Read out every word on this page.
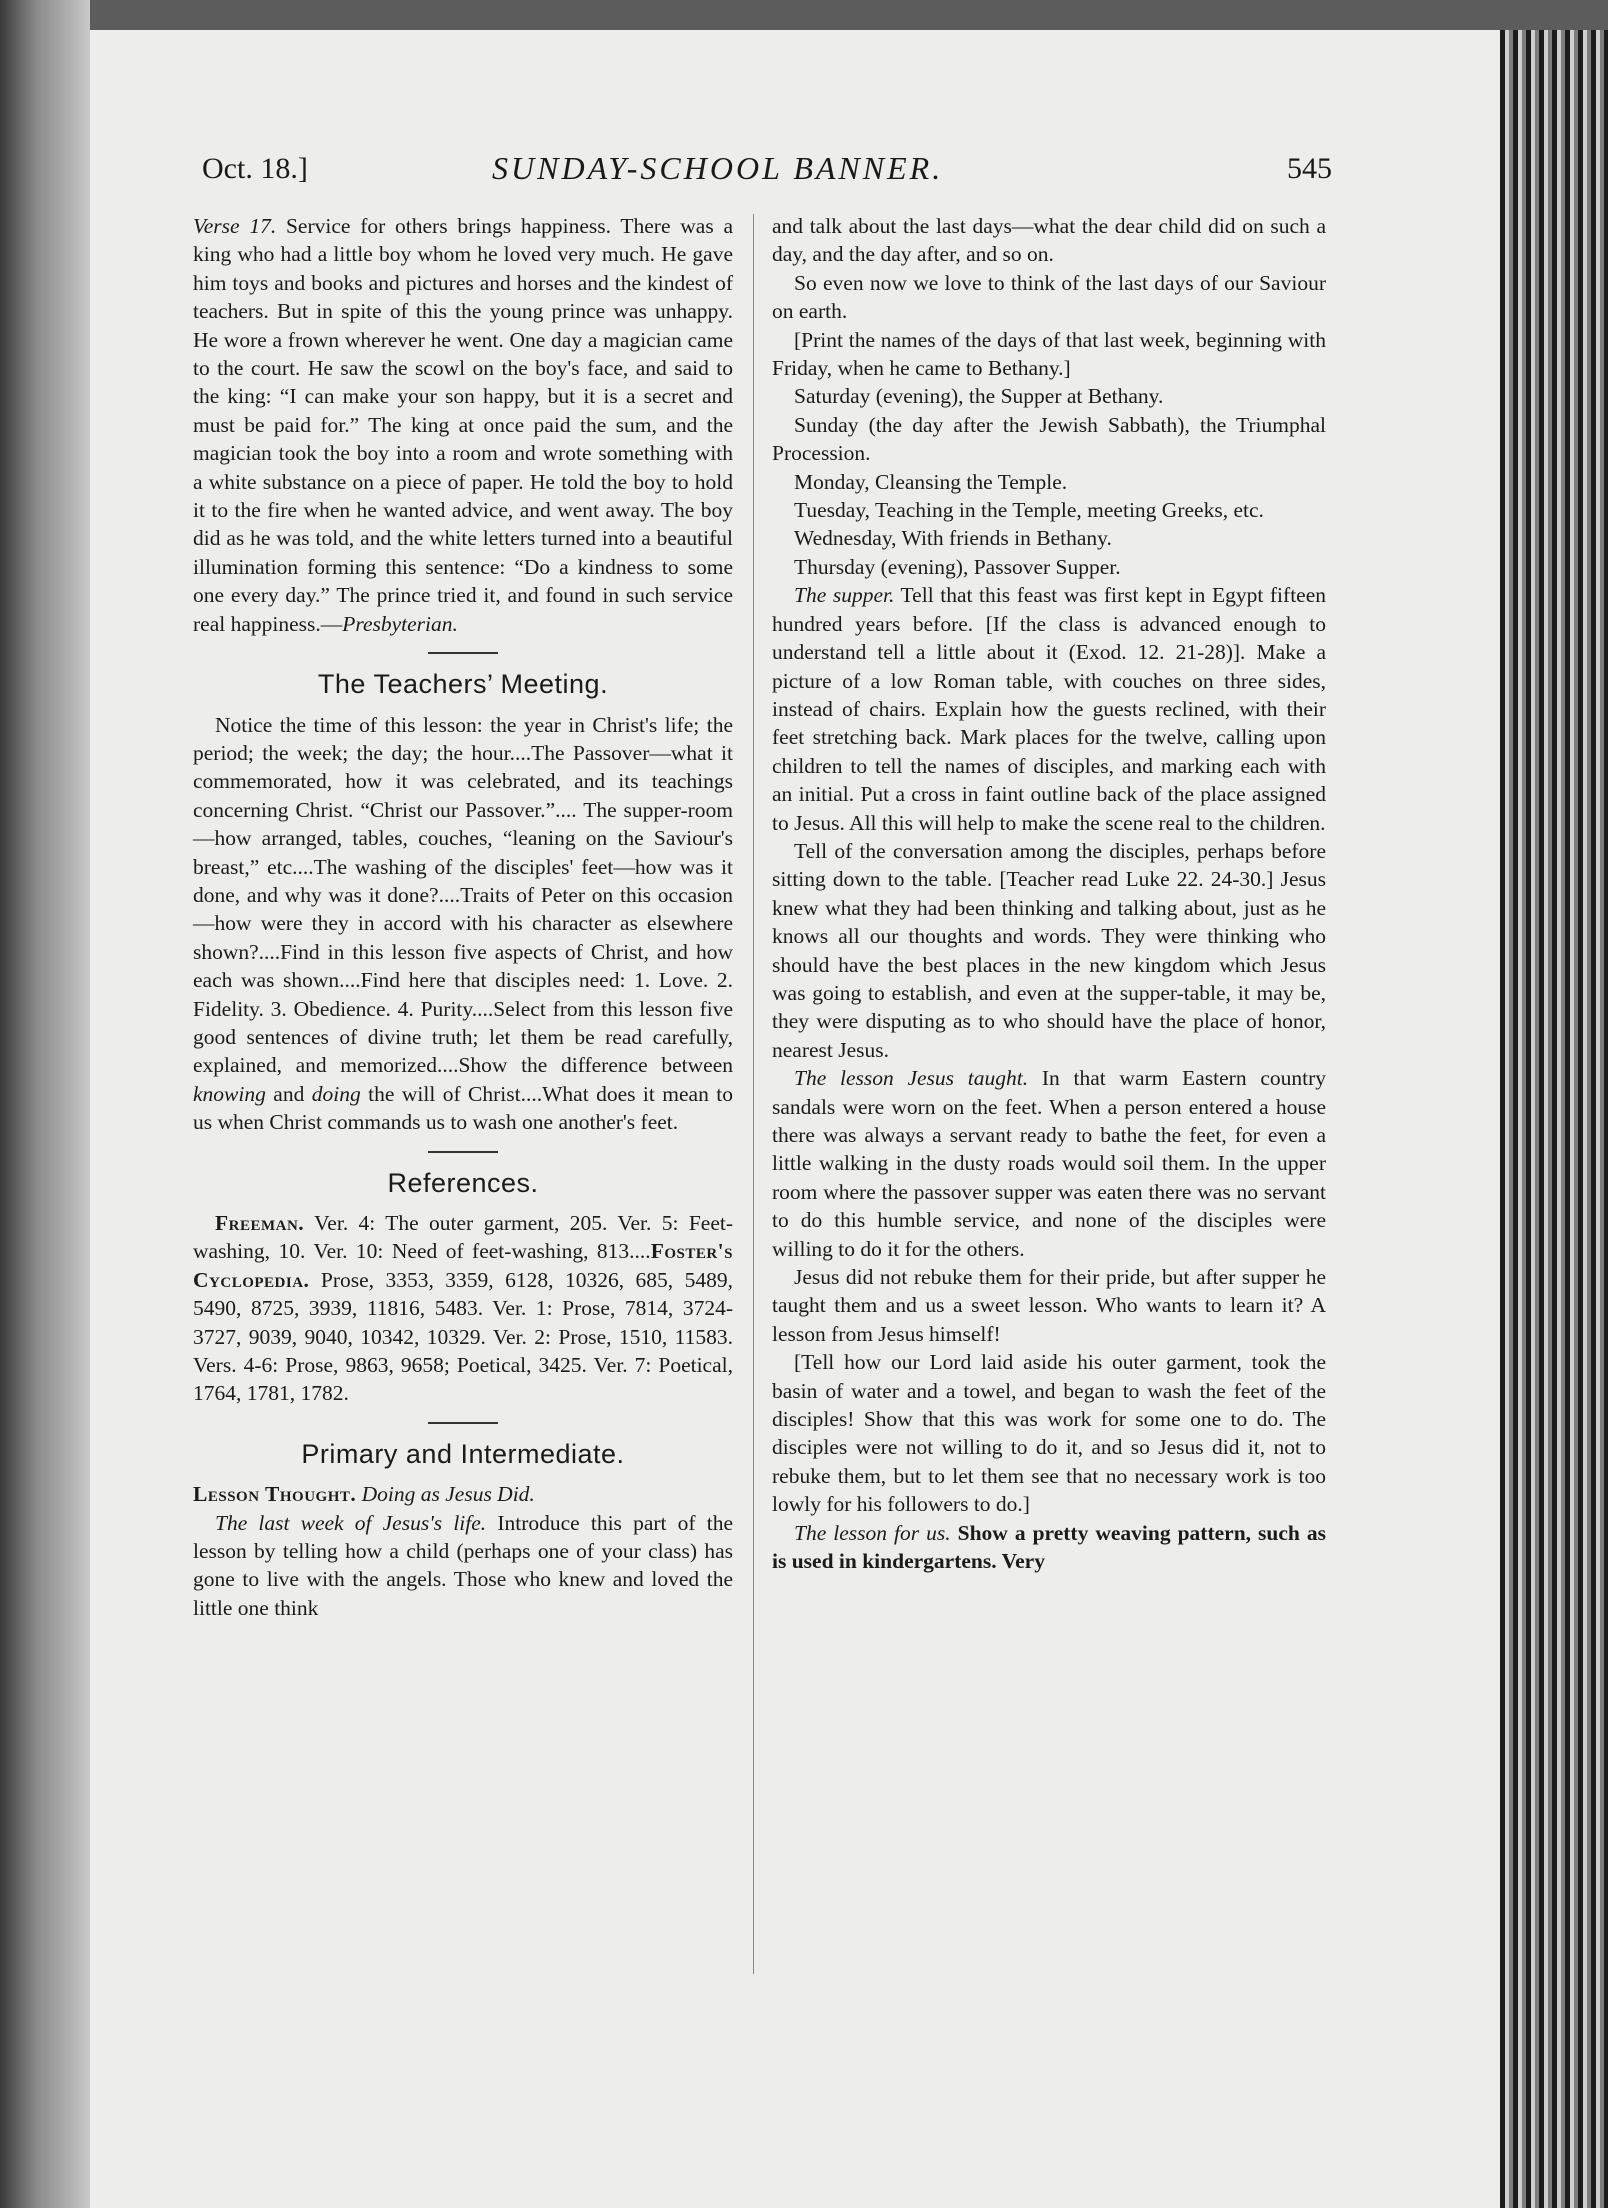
Oct. 18.]	SUNDAY-SCHOOL BANNER.	545

Verse 17. Service for others brings happiness. There was a king who had a little boy whom he loved very much. He gave him toys and books and pictures and horses and the kindest of teachers. But in spite of this the young prince was unhappy. He wore a frown wherever he went. One day a magician came to the court. He saw the scowl on the boy's face, and said to the king: “I can make your son happy, but it is a secret and must be paid for.” The king at once paid the sum, and the magician took the boy into a room and wrote something with a white substance on a piece of paper. He told the boy to hold it to the fire when he wanted advice, and went away. The boy did as he was told, and the white letters turned into a beautiful illumination forming this sentence: “Do a kindness to some one every day.” The prince tried it, and found in such service real happiness.—Presbyterian.

The Teachers’ Meeting.

Notice the time of this lesson: the year in Christ's life; the period; the week; the day; the hour....The Passover—what it commemorated, how it was celebrated, and its teachings concerning Christ. “Christ our Passover.”.... The supper-room—how arranged, tables, couches, “leaning on the Saviour's breast,” etc....The washing of the disciples' feet—how was it done, and why was it done?....Traits of Peter on this occasion—how were they in accord with his character as elsewhere shown?....Find in this lesson five aspects of Christ, and how each was shown....Find here that disciples need: 1. Love. 2. Fidelity. 3. Obedience. 4. Purity....Select from this lesson five good sentences of divine truth; let them be read carefully, explained, and memorized....Show the difference between knowing and doing the will of Christ....What does it mean to us when Christ commands us to wash one another's feet.

References.

Freeman. Ver. 4: The outer garment, 205. Ver. 5: Feet-washing, 10. Ver. 10: Need of feet-washing, 813....Foster's Cyclopedia. Prose, 3353, 3359, 6128, 10326, 685, 5489, 5490, 8725, 3939, 11816, 5483. Ver. 1: Prose, 7814, 3724-3727, 9039, 9040, 10342, 10329. Ver. 2: Prose, 1510, 11583. Vers. 4-6: Prose, 9863, 9658; Poetical, 3425. Ver. 7: Poetical, 1764, 1781, 1782.

Primary and Intermediate.

Lesson Thought. Doing as Jesus Did.

The last week of Jesus's life. Introduce this part of the lesson by telling how a child (perhaps one of your class) has gone to live with the angels. Those who knew and loved the little one think

and talk about the last days—what the dear child did on such a day, and the day after, and so on.

So even now we love to think of the last days of our Saviour on earth.

[Print the names of the days of that last week, beginning with Friday, when he came to Bethany.]

Saturday (evening), the Supper at Bethany.

Sunday (the day after the Jewish Sabbath), the Triumphal Procession.

Monday, Cleansing the Temple.

Tuesday, Teaching in the Temple, meeting Greeks, etc.

Wednesday, With friends in Bethany.

Thursday (evening), Passover Supper.

The supper. Tell that this feast was first kept in Egypt fifteen hundred years before. [If the class is advanced enough to understand tell a little about it (Exod. 12. 21-28)]. Make a picture of a low Roman table, with couches on three sides, instead of chairs. Explain how the guests reclined, with their feet stretching back. Mark places for the twelve, calling upon children to tell the names of disciples, and marking each with an initial. Put a cross in faint outline back of the place assigned to Jesus. All this will help to make the scene real to the children.

Tell of the conversation among the disciples, perhaps before sitting down to the table. [Teacher read Luke 22. 24-30.] Jesus knew what they had been thinking and talking about, just as he knows all our thoughts and words. They were thinking who should have the best places in the new kingdom which Jesus was going to establish, and even at the supper-table, it may be, they were disputing as to who should have the place of honor, nearest Jesus.

The lesson Jesus taught. In that warm Eastern country sandals were worn on the feet. When a person entered a house there was always a servant ready to bathe the feet, for even a little walking in the dusty roads would soil them. In the upper room where the passover supper was eaten there was no servant to do this humble service, and none of the disciples were willing to do it for the others.

Jesus did not rebuke them for their pride, but after supper he taught them and us a sweet lesson. Who wants to learn it? A lesson from Jesus himself!

[Tell how our Lord laid aside his outer garment, took the basin of water and a towel, and began to wash the feet of the disciples! Show that this was work for some one to do. The disciples were not willing to do it, and so Jesus did it, not to rebuke them, but to let them see that no necessary work is too lowly for his followers to do.]

The lesson for us. Show a pretty weaving pattern, such as is used in kindergartens. Very
